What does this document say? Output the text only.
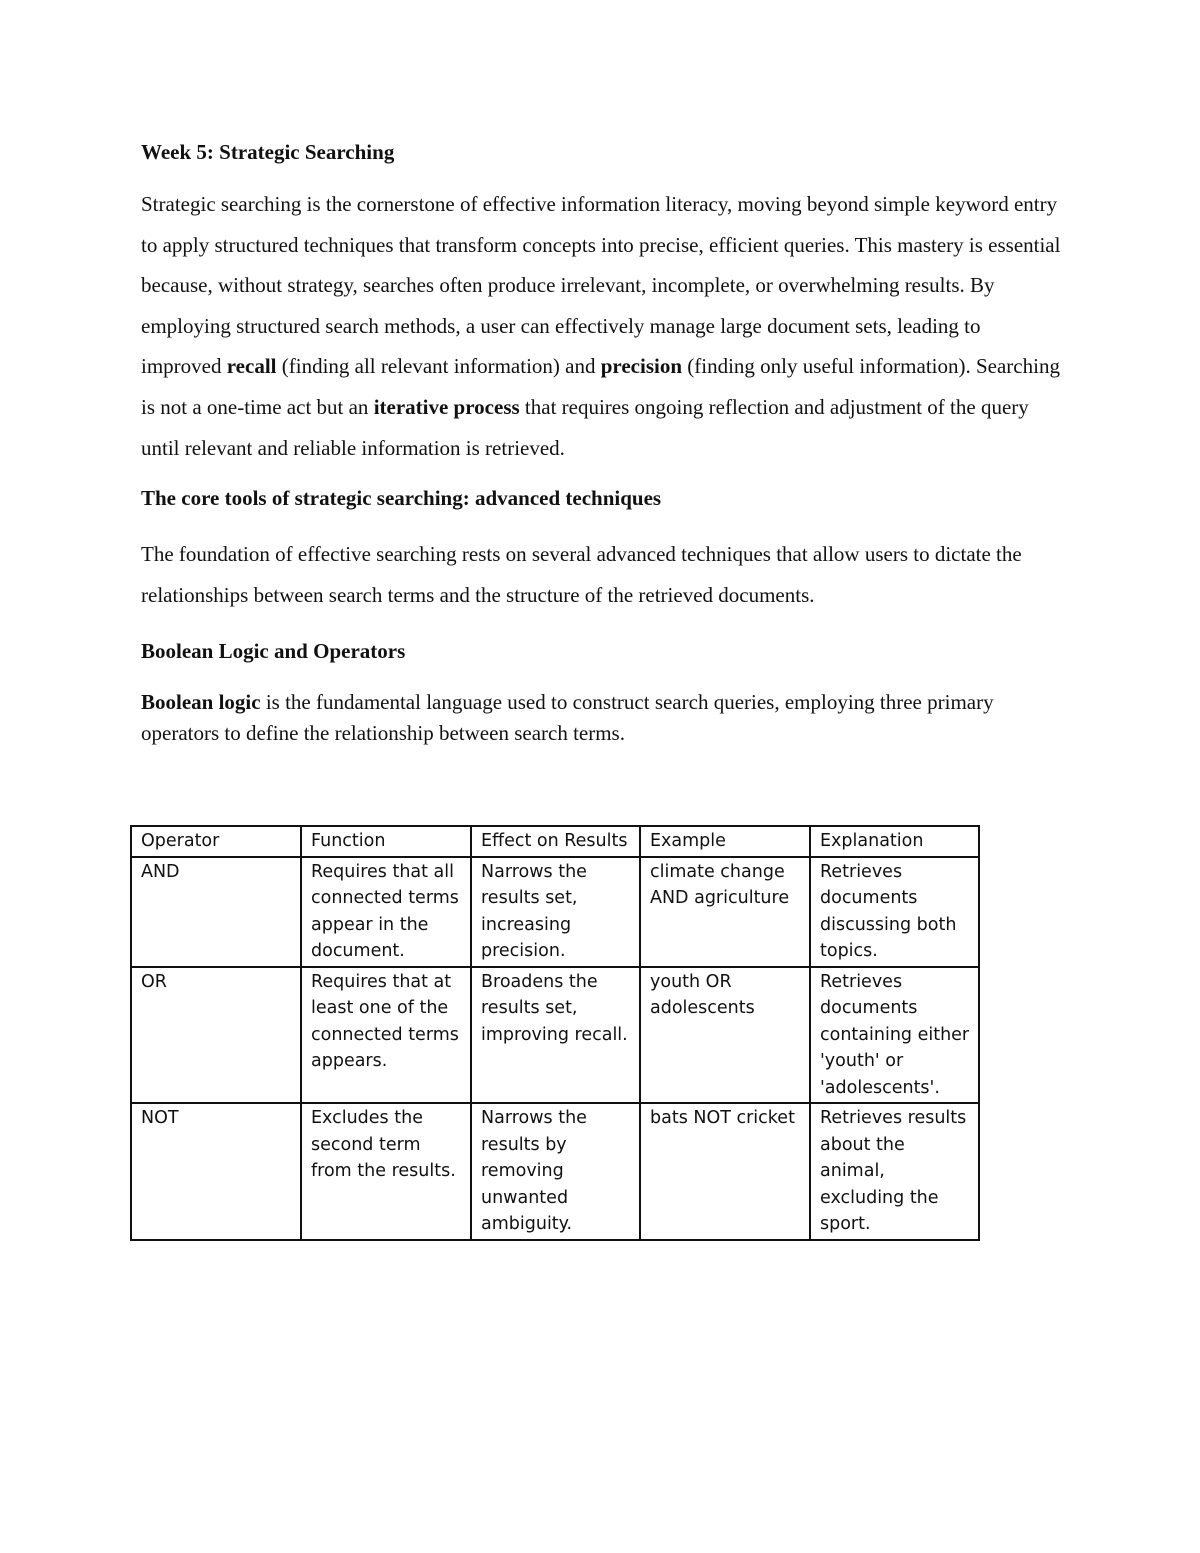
Week 5: Strategic Searching

Strategic searching is the cornerstone of effective information literacy, moving beyond simple keyword entry to apply structured techniques that transform concepts into precise, efficient queries. This mastery is essential because, without strategy, searches often produce irrelevant, incomplete, or overwhelming results. By employing structured search methods, a user can effectively manage large document sets, leading to improved recall (finding all relevant information) and precision (finding only useful information). Searching is not a one-time act but an iterative process that requires ongoing reflection and adjustment of the query until relevant and reliable information is retrieved.

The core tools of strategic searching: advanced techniques

The foundation of effective searching rests on several advanced techniques that allow users to dictate the relationships between search terms and the structure of the retrieved documents.

Boolean Logic and Operators

Boolean logic is the fundamental language used to construct search queries, employing three primary operators to define the relationship between search terms.

Operator	Function	Effect on Results	Example	Explanation
AND	Requires that all connected terms appear in the document.	Narrows the results set, increasing precision.	climate change AND agriculture	Retrieves documents discussing both topics.
OR	Requires that at least one of the connected terms appears.	Broadens the results set, improving recall.	youth OR adolescents	Retrieves documents containing either 'youth' or 'adolescents'.
NOT	Excludes the second term from the results.	Narrows the results by removing unwanted ambiguity.	bats NOT cricket	Retrieves results about the animal, excluding the sport.
